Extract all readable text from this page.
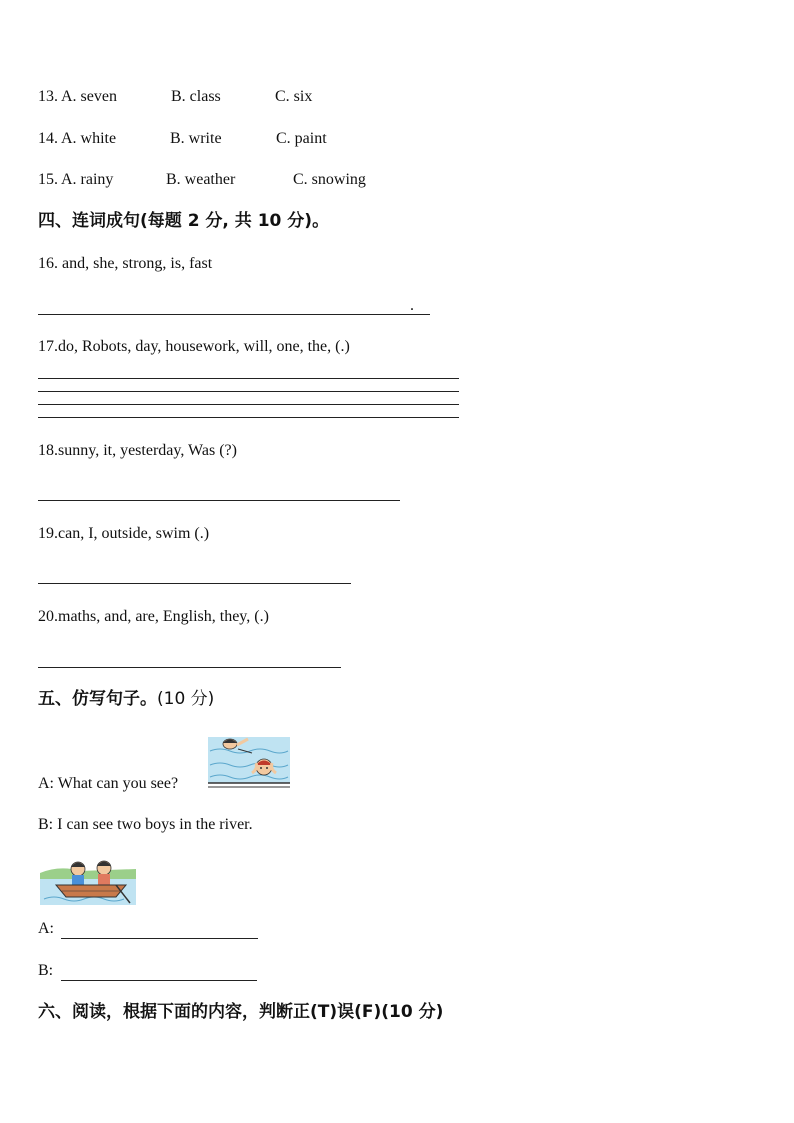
13. A. seven	B. class	C. six
14. A. white	B. write	C. paint
15. A. rainy	B. weather	C. snowing
四、连词成句(每题 2 分, 共 10 分)。
16. and, she, strong, is, fast
.
17.do, Robots, day, housework, will, one, the, (.)
18.sunny, it, yesterday, Was (?)
19.can, I, outside, swim (.)
20.maths, and, are, English, they, (.)
五、仿写句子。(10 分)
A: What can you see?
B: I can see two boys in the river.
A:
B:
六、阅读，根据下面的内容，判断正(T)误(F)(10 分)
